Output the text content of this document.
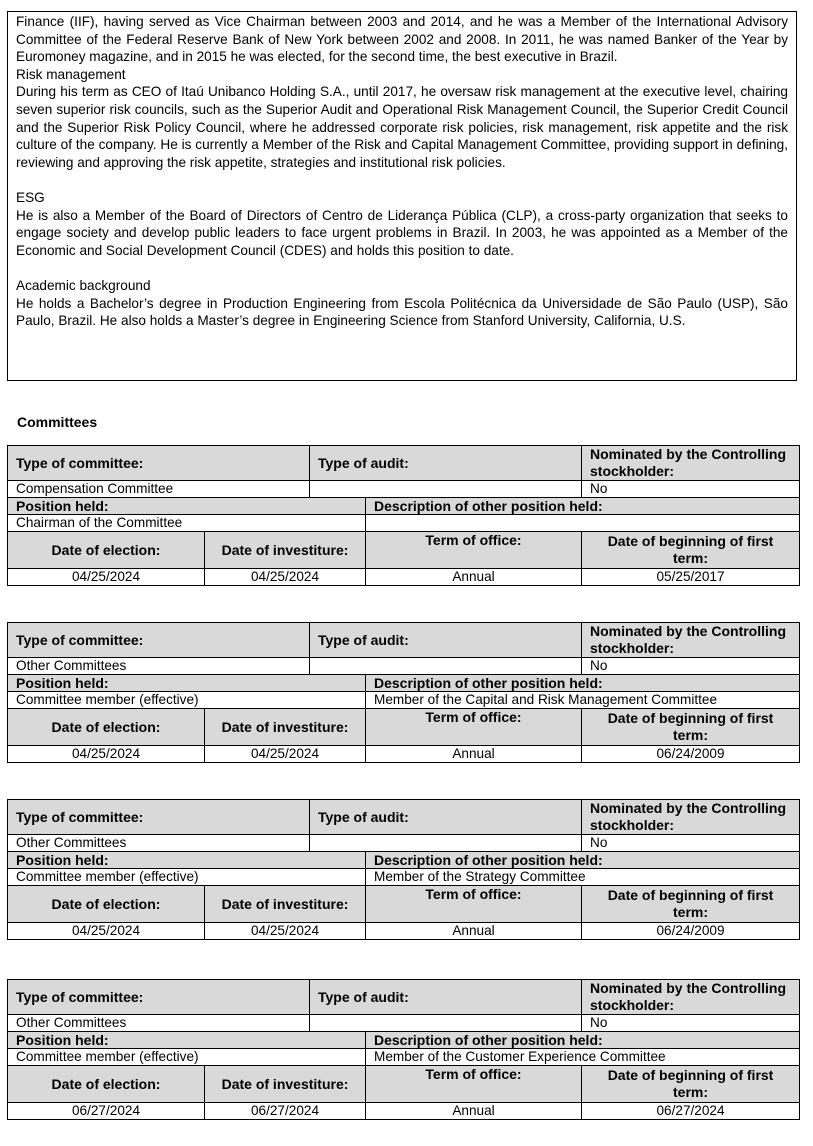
Finance (IIF), having served as Vice Chairman between 2003 and 2014, and he was a Member of the International Advisory Committee of the Federal Reserve Bank of New York between 2002 and 2008. In 2011, he was named Banker of the Year by Euromoney magazine, and in 2015 he was elected, for the second time, the best executive in Brazil.

Risk management

During his term as CEO of Itaú Unibanco Holding S.A., until 2017, he oversaw risk management at the executive level, chairing seven superior risk councils, such as the Superior Audit and Operational Risk Management Council, the Superior Credit Council and the Superior Risk Policy Council, where he addressed corporate risk policies, risk management, risk appetite and the risk culture of the company. He is currently a Member of the Risk and Capital Management Committee, providing support in defining, reviewing and approving the risk appetite, strategies and institutional risk policies.

ESG

He is also a Member of the Board of Directors of Centro de Liderança Pública (CLP), a cross-party organization that seeks to engage society and develop public leaders to face urgent problems in Brazil. In 2003, he was appointed as a Member of the Economic and Social Development Council (CDES) and holds this position to date.

Academic background

He holds a Bachelor’s degree in Production Engineering from Escola Politécnica da Universidade de São Paulo (USP), São Paulo, Brazil. He also holds a Master’s degree in Engineering Science from Stanford University, California, U.S.

Committees
Type of committee:		Type of audit:		Nominated by the Controlling stockholder:
Compensation Committee				No
Position held:			Description of other position held:	
Chairman of the Committee				
Date of election:	Date of investiture:		Term of office:	Date of beginning of first term:
04/25/2024	04/25/2024		Annual	05/25/2017
Type of committee:		Type of audit:		Nominated by the Controlling stockholder:
Other Committees				No
Position held:			Description of other position held:	
Committee member (effective)			Member of the Capital and Risk Management Committee	
Date of election:	Date of investiture:		Term of office:	Date of beginning of first term:
04/25/2024	04/25/2024		Annual	06/24/2009
Type of committee:		Type of audit:		Nominated by the Controlling stockholder:
Other Committees				No
Position held:			Description of other position held:	
Committee member (effective)			Member of the Strategy Committee	
Date of election:	Date of investiture:		Term of office:	Date of beginning of first term:
04/25/2024	04/25/2024		Annual	06/24/2009
Type of committee:		Type of audit:		Nominated by the Controlling stockholder:
Other Committees				No
Position held:			Description of other position held:	
Committee member (effective)			Member of the Customer Experience Committee	
Date of election:	Date of investiture:		Term of office:	Date of beginning of first term:
06/27/2024	06/27/2024		Annual	06/27/2024
